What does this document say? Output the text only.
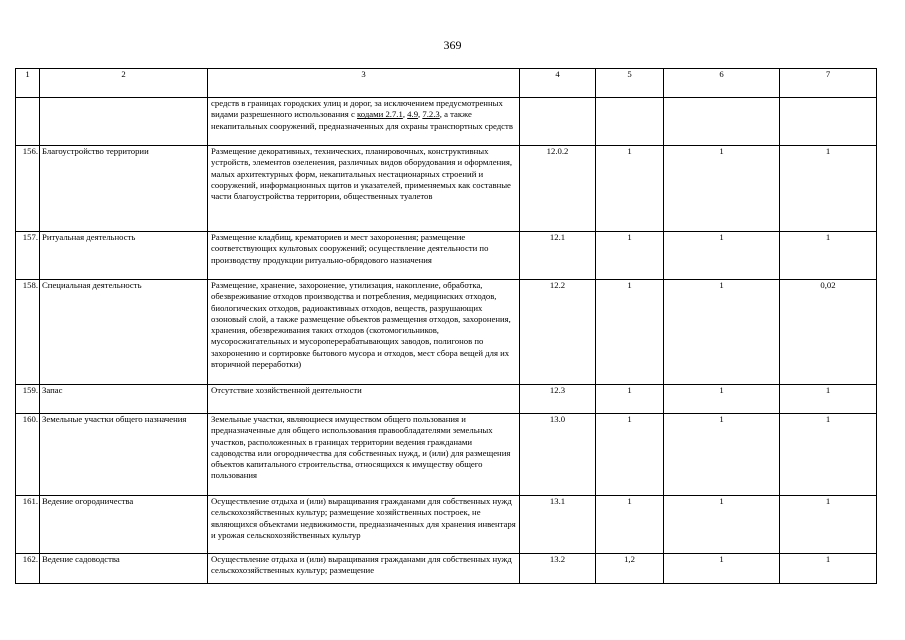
369
1	2	3	4	5	6	7
		средств в границах городских улиц и дорог, за исключением предусмотренных видами разрешенного использования с кодами 2.7.1, 4.9, 7.2.3, а также некапитальных сооружений, предназначенных для охраны транспортных средств				
156.	Благоустройство территории	Размещение декоративных, технических, планировочных, конструктивных устройств, элементов озеленения, различных видов оборудования и оформления, малых архитектурных форм, некапитальных нестационарных строений и сооружений, информационных щитов и указателей, применяемых как составные части благоустройства территории, общественных туалетов	12.0.2	1	1	1
157.	Ритуальная деятельность	Размещение кладбищ, крематориев и мест захоронения; размещение соответствующих культовых сооружений; осуществление деятельности по производству продукции ритуально-обрядового назначения	12.1	1	1	1
158.	Специальная деятельность	Размещение, хранение, захоронение, утилизация, накопление, обработка, обезвреживание отходов производства и потребления, медицинских отходов, биологических отходов, радиоактивных отходов, веществ, разрушающих озоновый слой, а также размещение объектов размещения отходов, захоронения, хранения, обезвреживания таких отходов (скотомогильников, мусоросжигательных и мусороперерабатывающих заводов, полигонов по захоронению и сортировке бытового мусора и отходов, мест сбора вещей для их вторичной переработки)	12.2	1	1	0,02
159.	Запас	Отсутствие хозяйственной деятельности	12.3	1	1	1
160.	Земельные участки общего назначения	Земельные участки, являющиеся имуществом общего пользования и предназначенные для общего использования правообладателями земельных участков, расположенных в границах территории ведения гражданами садоводства или огородничества для собственных нужд, и (или) для размещения объектов капитального строительства, относящихся к имуществу общего пользования	13.0	1	1	1
161.	Ведение огородничества	Осуществление отдыха и (или) выращивания гражданами для собственных нужд сельскохозяйственных культур; размещение хозяйственных построек, не являющихся объектами недвижимости, предназначенных для хранения инвентаря и урожая сельскохозяйственных культур	13.1	1	1	1
162.	Ведение садоводства	Осуществление отдыха и (или) выращивания гражданами для собственных нужд сельскохозяйственных культур; размещение	13.2	1,2	1	1
